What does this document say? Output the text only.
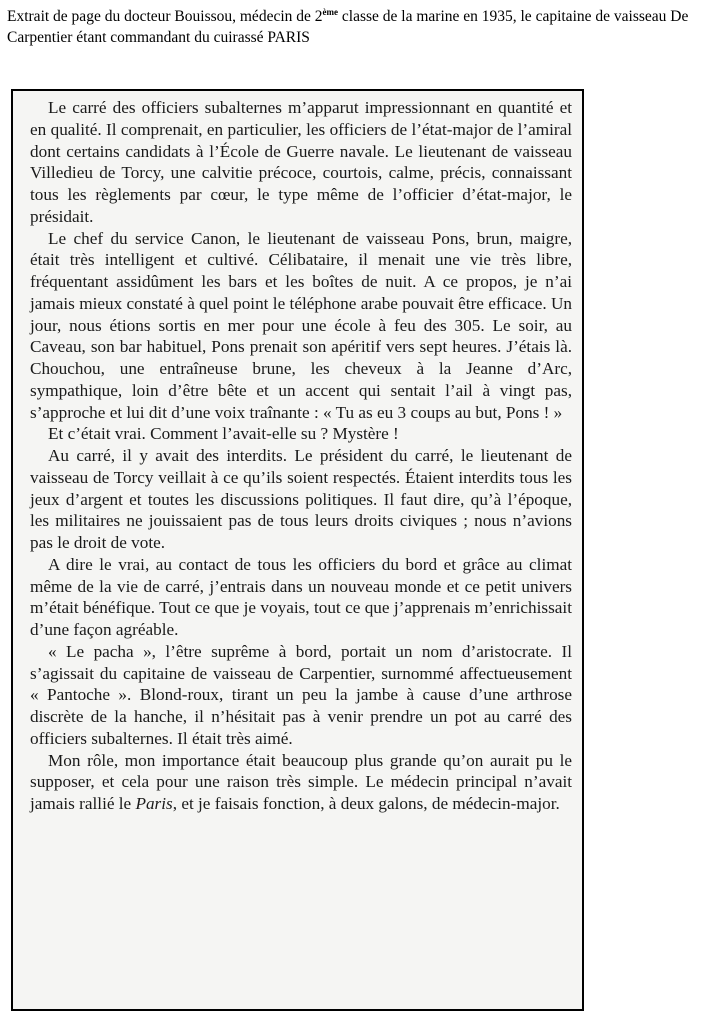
Extrait de page du docteur Bouissou, médecin de 2ème classe de la marine en 1935, le capitaine de vaisseau De Carpentier étant commandant du cuirassé PARIS

Le carré des officiers subalternes m’apparut impressionnant en quantité et en qualité. Il comprenait, en particulier, les officiers de l’état-major de l’amiral dont certains candidats à l’École de Guerre navale. Le lieutenant de vaisseau Villedieu de Torcy, une calvitie précoce, courtois, calme, précis, connaissant tous les règlements par cœur, le type même de l’officier d’état-major, le présidait.

Le chef du service Canon, le lieutenant de vaisseau Pons, brun, maigre, était très intelligent et cultivé. Célibataire, il menait une vie très libre, fréquentant assidûment les bars et les boîtes de nuit. A ce propos, je n’ai jamais mieux constaté à quel point le téléphone arabe pouvait être efficace. Un jour, nous étions sortis en mer pour une école à feu des 305. Le soir, au Caveau, son bar habituel, Pons prenait son apéritif vers sept heures. J’étais là. Chouchou, une entraîneuse brune, les cheveux à la Jeanne d’Arc, sympathique, loin d’être bête et un accent qui sentait l’ail à vingt pas, s’approche et lui dit d’une voix traînante : « Tu as eu 3 coups au but, Pons ! »

Et c’était vrai. Comment l’avait-elle su ? Mystère !

Au carré, il y avait des interdits. Le président du carré, le lieutenant de vaisseau de Torcy veillait à ce qu’ils soient respectés. Étaient interdits tous les jeux d’argent et toutes les discussions politiques. Il faut dire, qu’à l’époque, les militaires ne jouissaient pas de tous leurs droits civiques ; nous n’avions pas le droit de vote.

A dire le vrai, au contact de tous les officiers du bord et grâce au climat même de la vie de carré, j’entrais dans un nouveau monde et ce petit univers m’était bénéfique. Tout ce que je voyais, tout ce que j’apprenais m’enrichissait d’une façon agréable.

« Le pacha », l’être suprême à bord, portait un nom d’aristocrate. Il s’agissait du capitaine de vaisseau de Carpentier, surnommé affectueusement « Pantoche ». Blond-roux, tirant un peu la jambe à cause d’une arthrose discrète de la hanche, il n’hésitait pas à venir prendre un pot au carré des officiers subalternes. Il était très aimé.

Mon rôle, mon importance était beaucoup plus grande qu’on aurait pu le supposer, et cela pour une raison très simple. Le médecin principal n’avait jamais rallié le Paris, et je faisais fonction, à deux galons, de médecin-major.
